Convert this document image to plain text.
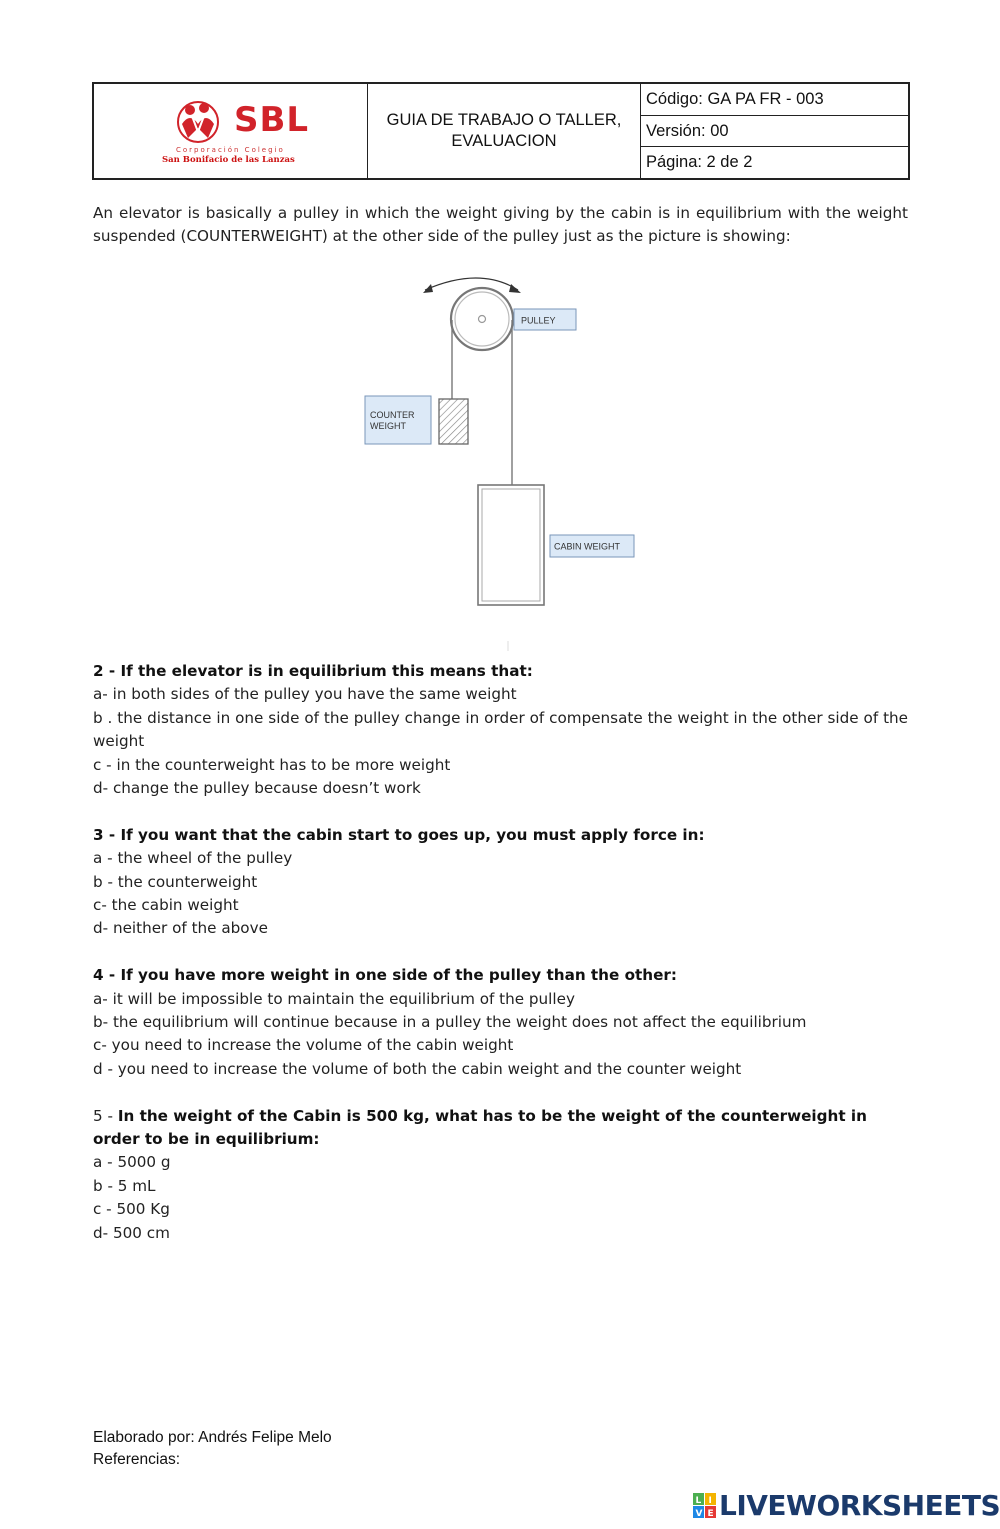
SBL
Corporación Colegio
San Bonifacio de las Lanzas
GUIA DE TRABAJO O TALLER,
EVALUACION
Código: GA PA FR - 003
Versión: 00
Página: 2 de 2
An elevator is basically a pulley in which the weight giving by the cabin is in equilibrium with the weight suspended (COUNTERWEIGHT) at the other side of the pulley just as the picture is showing:
PULLEY
COUNTER
WEIGHT
CABIN WEIGHT

2 - If the elevator is in equilibrium this means that:

a- in both sides of the pulley you have the same weight

b . the distance in one side of the pulley change in order of compensate the weight in the other side of the weight

c - in the counterweight has to be more weight

d- change the pulley because doesn’t work

3 - If you want that the cabin start to goes up, you must apply force in:

a - the wheel of the pulley

b - the counterweight

c- the cabin weight

d- neither of the above

4 - If you have more weight in one side of the pulley than the other:

a- it will be impossible to maintain the equilibrium of the pulley

b- the equilibrium will continue because in a pulley the weight does not affect the equilibrium

c- you need to increase the volume of the cabin weight

d - you need to increase the volume of both the cabin weight and the counter weight

5 - In the weight of the Cabin is 500 kg, what has to be the weight of the counterweight in order to be in equilibrium:

a - 5000 g

b - 5 mL

c - 500 Kg

d- 500 cm

Elaborado por: Andrés Felipe Melo
Referencias:
L I
V E LIVEWORKSHEETS
